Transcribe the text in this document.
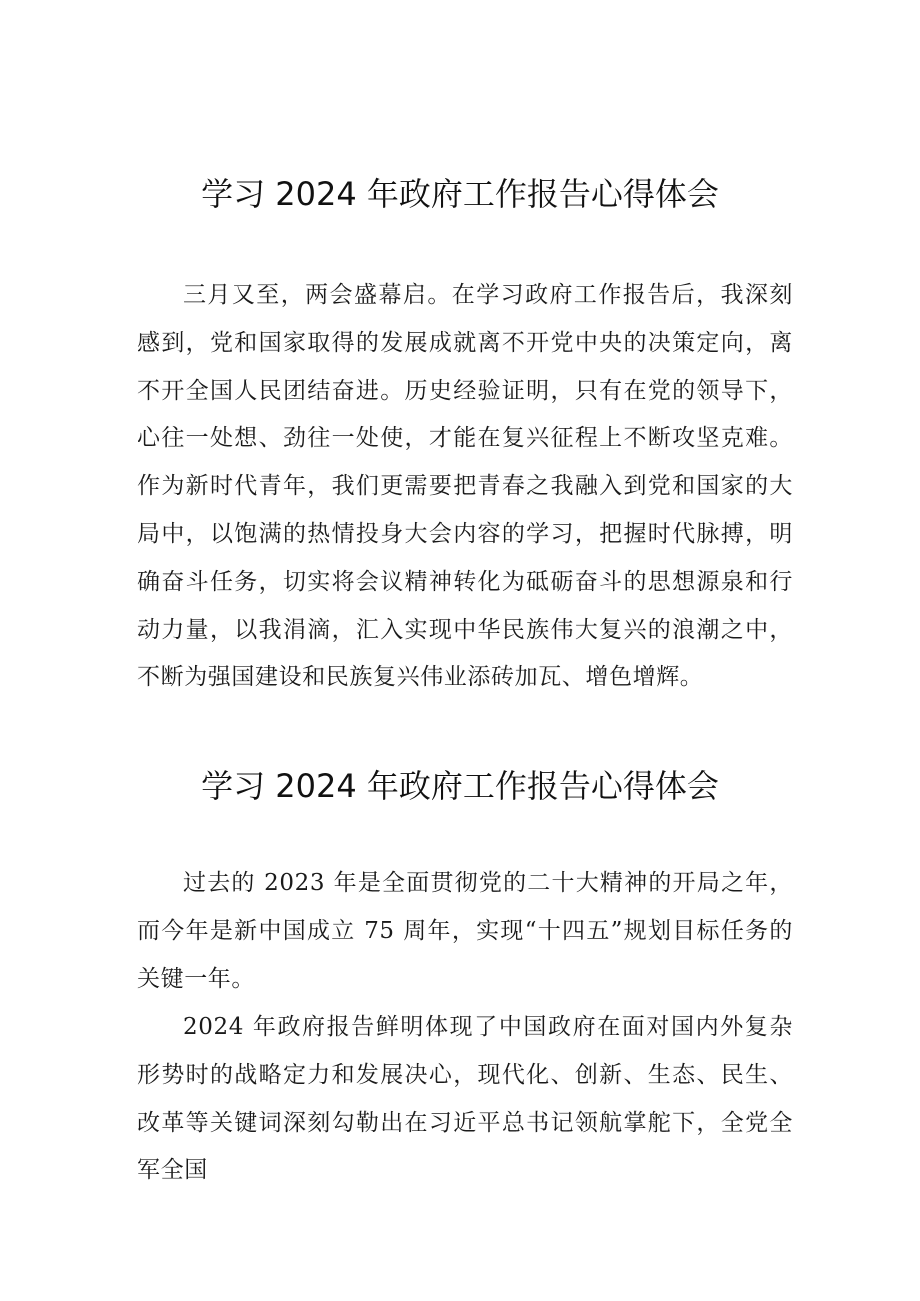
学习 2024 年政府工作报告心得体会

三月又至，两会盛幕启。在学习政府工作报告后，我深刻感到，党和国家取得的发展成就离不开党中央的决策定向，离不开全国人民团结奋进。历史经验证明，只有在党的领导下，心往一处想、劲往一处使，才能在复兴征程上不断攻坚克难。作为新时代青年，我们更需要把青春之我融入到党和国家的大局中，以饱满的热情投身大会内容的学习，把握时代脉搏，明确奋斗任务，切实将会议精神转化为砥砺奋斗的思想源泉和行动力量，以我涓滴，汇入实现中华民族伟大复兴的浪潮之中，不断为强国建设和民族复兴伟业添砖加瓦、增色增辉。

学习 2024 年政府工作报告心得体会

过去的 2023 年是全面贯彻党的二十大精神的开局之年，而今年是新中国成立 75 周年，实现“十四五”规划目标任务的关键一年。

2024 年政府报告鲜明体现了中国政府在面对国内外复杂形势时的战略定力和发展决心，现代化、创新、生态、民生、改革等关键词深刻勾勒出在习近平总书记领航掌舵下，全党全军全国
